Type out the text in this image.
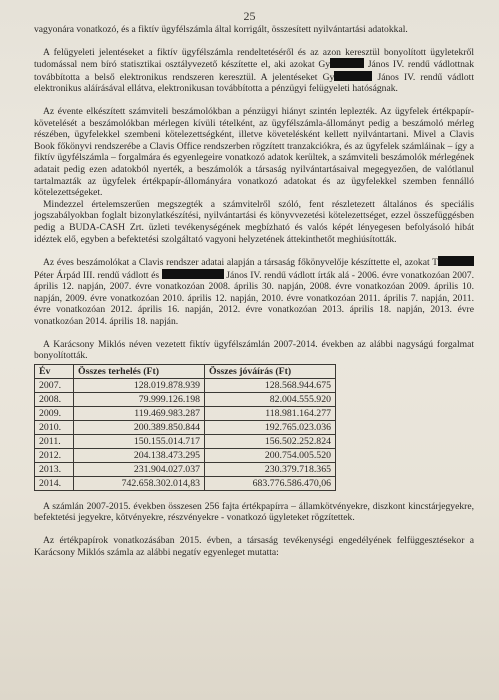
25

vagyonára vonatkozó, és a fiktív ügyfélszámla által korrigált, összesített nyilvántartási adatokkal.

A felügyeleti jelentéseket a fiktív ügyfélszámla rendeltetéséről és az azon keresztül bonyolított ügyletekről tudomással nem bíró statisztikai osztályvezető készítette el, aki azokat Gy	János IV. rendű vádlottnak továbbította a belső elektronikus rendszeren keresztül. A jelentéseket Gy	János IV. rendű vádlott elektronikus aláírásával ellátva, elektronikusan továbbította a pénzügyi felügyeleti hatóságnak.

Az évente elkészített számviteli beszámolókban a pénzügyi hiányt szintén leplezték. Az ügyfelek értékpapír-követelését a beszámolókban mérlegen kívüli tételként, az ügyfélszámla-állományt pedig a beszámoló mérleg részében, ügyfelekkel szembeni kötelezettségként, illetve követelésként kellett nyilvántartani. Mivel a Clavis Book főkönyvi rendszerébe a Clavis Office rendszerben rögzített tranzakciókra, és az ügyfelek számláinak – így a fiktív ügyfélszámla – forgalmára és egyenlegeire vonatkozó adatok kerültek, a számviteli beszámolók mérlegének adatait pedig ezen adatokból nyerték, a beszámolók a társaság nyilvántartásaival megegyezően, de valótlanul tartalmazták az ügyfelek értékpapír-állományára vonatkozó adatokat és az ügyfelekkel szemben fennálló kötelezettségeket.

Mindezzel értelemszerűen megszegték a számvitelről szóló, fent részletezett általános és speciális jogszabályokban foglalt bizonylatkészítési, nyilvántartási és könyvvezetési kötelezettséget, ezzel összefüggésben pedig a BUDA-CASH Zrt. üzleti tevékenységének megbízható és valós képét lényegesen befolyásoló hibát idéztek elő, egyben a befektetési szolgáltató vagyoni helyzetének áttekinthetőt meghiúsították.

Az éves beszámolókat a Clavis rendszer adatai alapján a társaság főkönyvelője készíttette el, azokat T Péter Árpád III. rendű vádlott és	János IV. rendű vádlott írták alá - 2006. évre vonatkozóan 2007. április 12. napján, 2007. évre vonatkozóan 2008. április 30. napján, 2008. évre vonatkozóan 2009. április 10. napján, 2009. évre vonatkozóan 2010. április 12. napján, 2010. évre vonatkozóan 2011. április 7. napján, 2011. évre vonatkozóan 2012. április 16. napján, 2012. évre vonatkozóan 2013. április 18. napján, 2013. évre vonatkozóan 2014. április 18. napján.

A Karácsony Miklós néven vezetett fiktív ügyfélszámlán 2007-2014. években az alábbi nagyságú forgalmat bonyolították.

Év	Összes terhelés (Ft)	Összes jóváírás (Ft)
2007.	128.019.878.939	128.568.944.675
2008.	79.999.126.198	82.004.555.920
2009.	119.469.983.287	118.981.164.277
2010.	200.389.850.844	192.765.023.036
2011.	150.155.014.717	156.502.252.824
2012.	204.138.473.295	200.754.005.520
2013.	231.904.027.037	230.379.718.365
2014.	742.658.302.014,83	683.776.586.470,06

A számlán 2007-2015. években összesen 256 fajta értékpapírra – államkötvényekre, diszkont kincstárjegyekre, befektetési jegyekre, kötvényekre, részvényekre - vonatkozó ügyleteket rögzítettek.

Az értékpapírok vonatkozásában 2015. évben, a társaság tevékenységi engedélyének felfüggesztésekor a Karácsony Miklós számla az alábbi negatív egyenleget mutatta:
